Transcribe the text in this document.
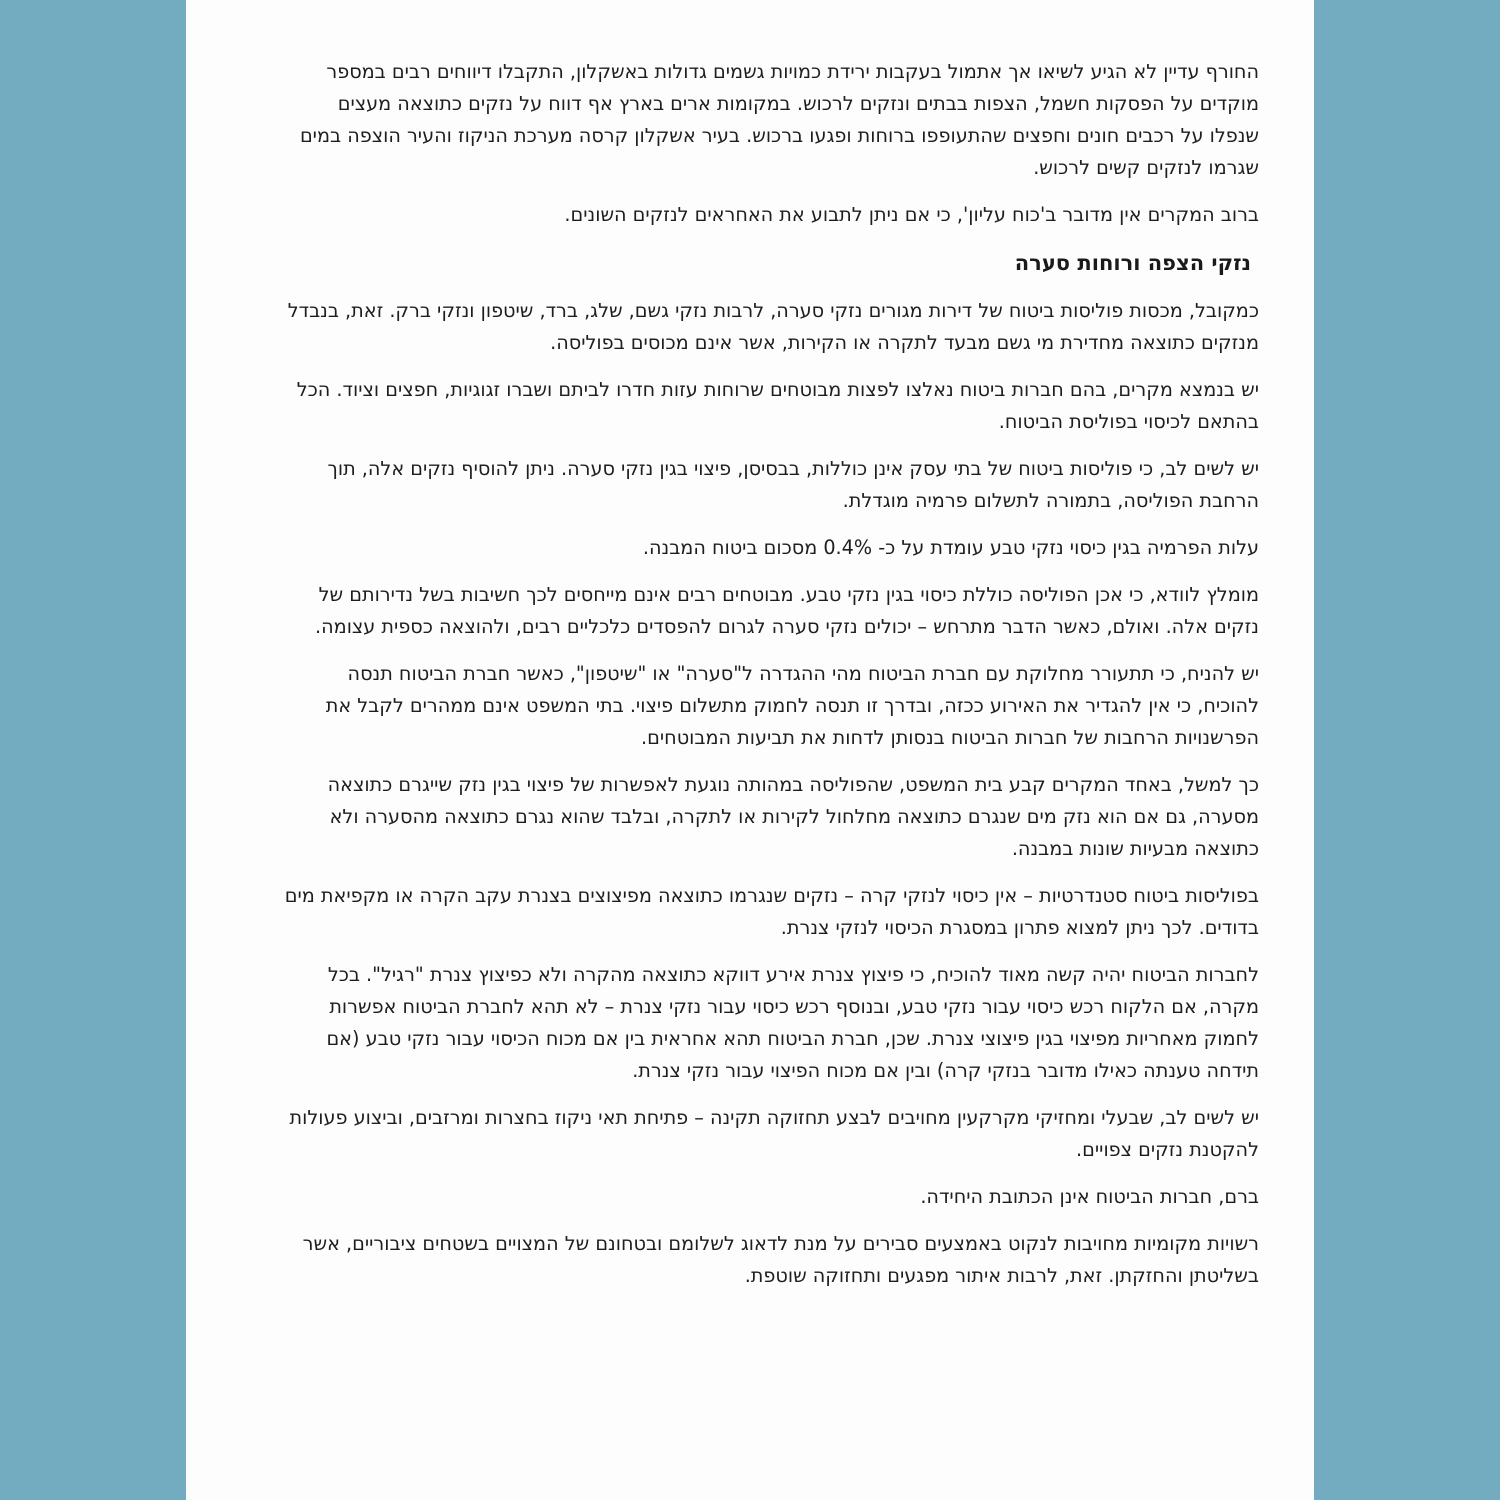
החורף עדיין לא הגיע לשיאו אך אתמול בעקבות ירידת כמויות גשמים גדולות באשקלון, התקבלו דיווחים רבים במספר מוקדים על הפסקות חשמל, הצפות בבתים ונזקים לרכוש. במקומות ארים בארץ אף דווח על נזקים כתוצאה מעצים שנפלו על רכבים חונים וחפצים שהתעופפו ברוחות ופגעו ברכוש. בעיר אשקלון קרסה מערכת הניקוז והעיר הוצפה במים שגרמו לנזקים קשים לרכוש.

ברוב המקרים אין מדובר ב'כוח עליון', כי אם ניתן לתבוע את האחראים לנזקים השונים.

נזקי הצפה ורוחות סערה

כמקובל, מכסות פוליסות ביטוח של דירות מגורים נזקי סערה, לרבות נזקי גשם, שלג, ברד, שיטפון ונזקי ברק. זאת, בנבדל מנזקים כתוצאה מחדירת מי גשם מבעד לתקרה או הקירות, אשר אינם מכוסים בפוליסה.

יש בנמצא מקרים, בהם חברות ביטוח נאלצו לפצות מבוטחים שרוחות עזות חדרו לביתם ושברו זגוגיות, חפצים וציוד. הכל בהתאם לכיסוי בפוליסת הביטוח.

יש לשים לב, כי פוליסות ביטוח של בתי עסק אינן כוללות, בבסיסן, פיצוי בגין נזקי סערה. ניתן להוסיף נזקים אלה, תוך הרחבת הפוליסה, בתמורה לתשלום פרמיה מוגדלת.

עלות הפרמיה בגין כיסוי נזקי טבע עומדת על כ- 0.4% מסכום ביטוח המבנה.

מומלץ לוודא, כי אכן הפוליסה כוללת כיסוי בגין נזקי טבע. מבוטחים רבים אינם מייחסים לכך חשיבות בשל נדירותם של נזקים אלה. ואולם, כאשר הדבר מתרחש – יכולים נזקי סערה לגרום להפסדים כלכליים רבים, ולהוצאה כספית עצומה.

יש להניח, כי תתעורר מחלוקת עם חברת הביטוח מהי ההגדרה ל"סערה" או "שיטפון", כאשר חברת הביטוח תנסה להוכיח, כי אין להגדיר את האירוע ככזה, ובדרך זו תנסה לחמוק מתשלום פיצוי. בתי המשפט אינם ממהרים לקבל את הפרשנויות הרחבות של חברות הביטוח בנסותן לדחות את תביעות המבוטחים.

כך למשל, באחד המקרים קבע בית המשפט, שהפוליסה במהותה נוגעת לאפשרות של פיצוי בגין נזק שייגרם כתוצאה מסערה, גם אם הוא נזק מים שנגרם כתוצאה מחלחול לקירות או לתקרה, ובלבד שהוא נגרם כתוצאה מהסערה ולא כתוצאה מבעיות שונות במבנה.

בפוליסות ביטוח סטנדרטיות – אין כיסוי לנזקי קרה – נזקים שנגרמו כתוצאה מפיצוצים בצנרת עקב הקרה או מקפיאת מים בדודים. לכך ניתן למצוא פתרון במסגרת הכיסוי לנזקי צנרת.

לחברות הביטוח יהיה קשה מאוד להוכיח, כי פיצוץ צנרת אירע דווקא כתוצאה מהקרה ולא כפיצוץ צנרת "רגיל". בכל מקרה, אם הלקוח רכש כיסוי עבור נזקי טבע, ובנוסף רכש כיסוי עבור נזקי צנרת – לא תהא לחברת הביטוח אפשרות לחמוק מאחריות מפיצוי בגין פיצוצי צנרת. שכן, חברת הביטוח תהא אחראית בין אם מכוח הכיסוי עבור נזקי טבע (אם תידחה טענתה כאילו מדובר בנזקי קרה) ובין אם מכוח הפיצוי עבור נזקי צנרת.

יש לשים לב, שבעלי ומחזיקי מקרקעין מחויבים לבצע תחזוקה תקינה – פתיחת תאי ניקוז בחצרות ומרזבים, וביצוע פעולות להקטנת נזקים צפויים.

ברם, חברות הביטוח אינן הכתובת היחידה.

רשויות מקומיות מחויבות לנקוט באמצעים סבירים על מנת לדאוג לשלומם ובטחונם של המצויים בשטחים ציבוריים, אשר בשליטתן והחזקתן. זאת, לרבות איתור מפגעים ותחזוקה שוטפת.
